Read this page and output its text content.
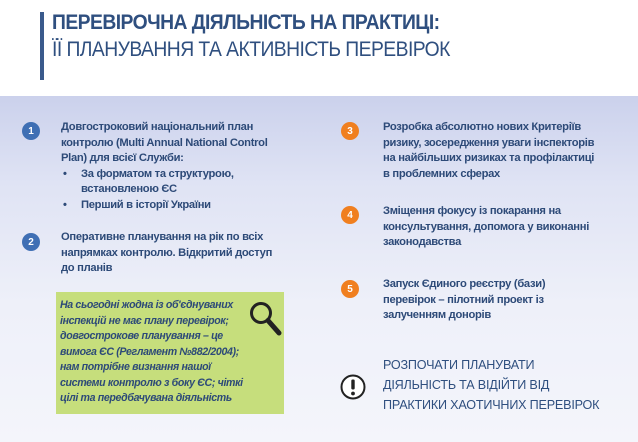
ПЕРЕВІРОЧНА ДІЯЛЬНІСТЬ НА ПРАКТИЦІ:
ЇЇ ПЛАНУВАННЯ ТА АКТИВНІСТЬ ПЕРЕВІРОК
1	Довгостроковий національний план
контролю (Multi Annual National Control
Plan) для всієї Служби:
• За форматом та структурою,
встановленою ЄС
• Перший в історії України
2	Оперативне планування на рік по всіх
напрямках контролю. Відкритий доступ
до планів
На сьогодні жодна із об'єднуваних
інспекцій не має плану перевірок;
довгострокове планування – це
вимога ЄС (Регламент №882/2004);
нам потрібне визнання нашої
системи контролю з боку ЄС; чіткі
цілі та передбачувана діяльність
3	Розробка абсолютно нових Критеріїв
ризику, зосередження уваги інспекторів
на найбільших ризиках та профілактиці
в проблемних сферах
4	Зміщення фокусу із покарання на
консультування, допомога у виконанні
законодавства
5	Запуск Єдиного реєстру (бази)
перевірок – пілотний проект із
залученням донорів
РОЗПОЧАТИ ПЛАНУВАТИ
ДІЯЛЬНІСТЬ ТА ВІДІЙТИ ВІД
ПРАКТИКИ ХАОТИЧНИХ ПЕРЕВІРОК
